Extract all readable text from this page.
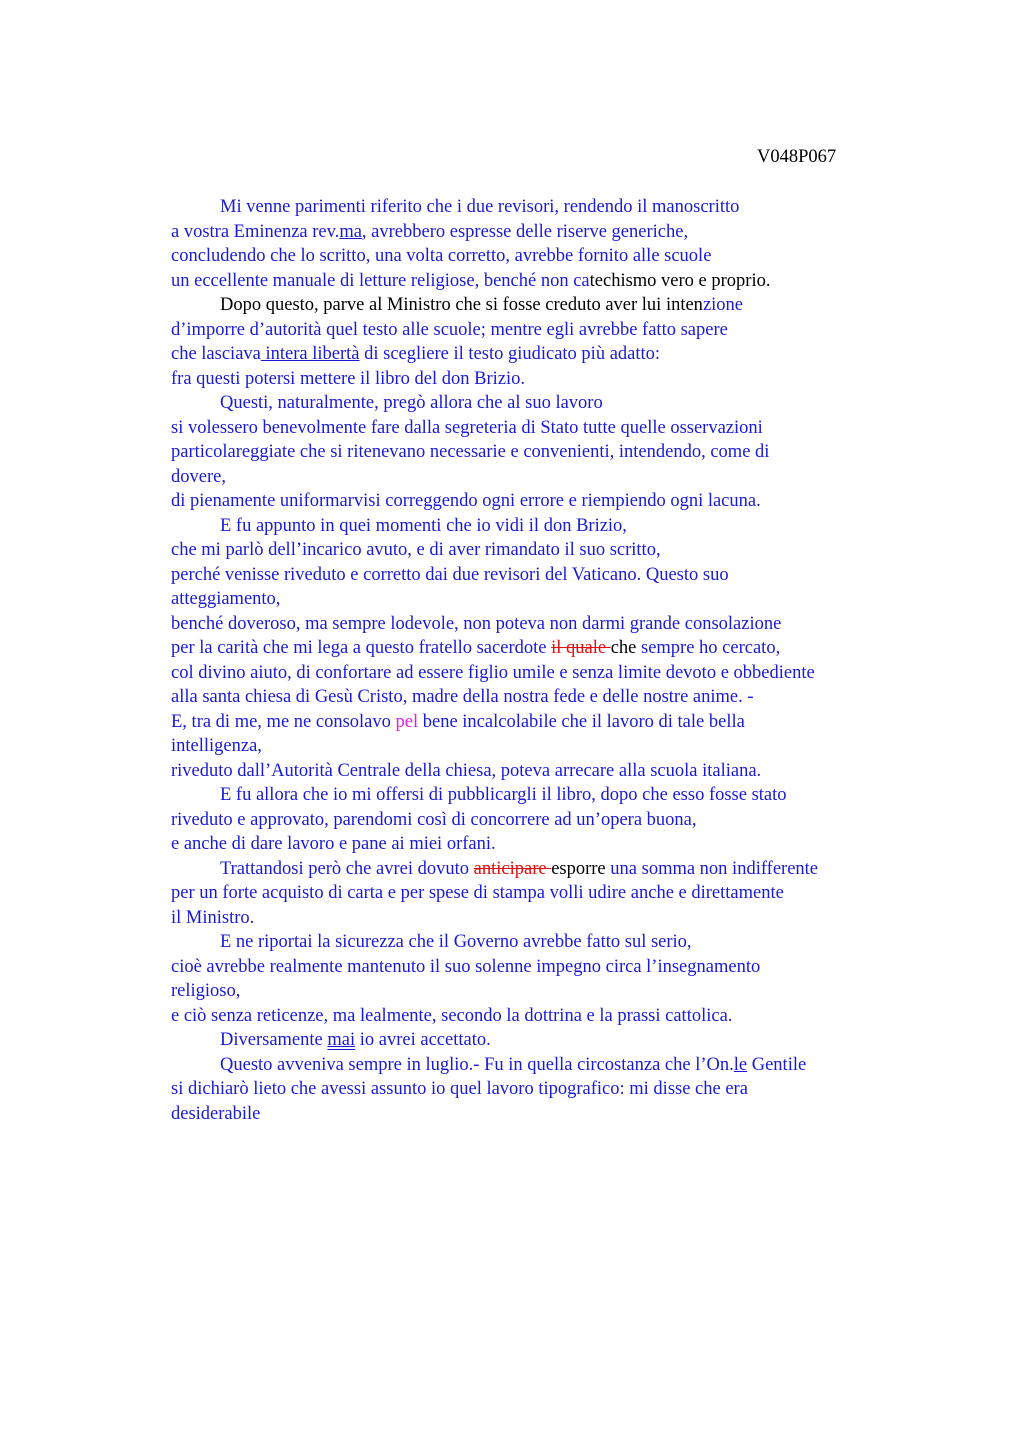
V048P067
Mi venne parimenti riferito che i due revisori, rendendo il manoscritto
a vostra Eminenza rev.ma, avrebbero espresse delle riserve generiche,
concludendo che lo scritto, una volta corretto, avrebbe fornito alle scuole
un eccellente manuale di letture religiose, benché non catechismo vero e proprio.
Dopo questo, parve al Ministro che si fosse creduto aver lui intenzione
d’imporre d’autorità quel testo alle scuole; mentre egli avrebbe fatto sapere
che lasciava intera libertà di scegliere il testo giudicato più adatto:
fra questi potersi mettere il libro del don Brizio.
Questi, naturalmente, pregò allora che al suo lavoro
si volessero benevolmente fare dalla segreteria di Stato tutte quelle osservazioni
particolareggiate che si ritenevano necessarie e convenienti, intendendo, come di
dovere,
di pienamente uniformarvisi correggendo ogni errore e riempiendo ogni lacuna.
E fu appunto in quei momenti che io vidi il don Brizio,
che mi parlò dell’incarico avuto, e di aver rimandato il suo scritto,
perché venisse riveduto e corretto dai due revisori del Vaticano. Questo suo
atteggiamento,
benché doveroso, ma sempre lodevole, non poteva non darmi grande consolazione
per la carità che mi lega a questo fratello sacerdote il quale che sempre ho cercato,
col divino aiuto, di confortare ad essere figlio umile e senza limite devoto e obbediente
alla santa chiesa di Gesù Cristo, madre della nostra fede e delle nostre anime. -
E, tra di me, me ne consolavo pel bene incalcolabile che il lavoro di tale bella
intelligenza,
riveduto dall’Autorità Centrale della chiesa, poteva arrecare alla scuola italiana.
E fu allora che io mi offersi di pubblicargli il libro, dopo che esso fosse stato
riveduto e approvato, parendomi così di concorrere ad un’opera buona,
e anche di dare lavoro e pane ai miei orfani.
Trattandosi però che avrei dovuto anticipare esporre una somma non indifferente
per un forte acquisto di carta e per spese di stampa volli udire anche e direttamente
il Ministro.
E ne riportai la sicurezza che il Governo avrebbe fatto sul serio,
cioè avrebbe realmente mantenuto il suo solenne impegno circa l’insegnamento
religioso,
e ciò senza reticenze, ma lealmente, secondo la dottrina e la prassi cattolica.
Diversamente mai io avrei accettato.
Questo avveniva sempre in luglio.- Fu in quella circostanza che l’On.le Gentile
si dichiarò lieto che avessi assunto io quel lavoro tipografico: mi disse che era
desiderabile
